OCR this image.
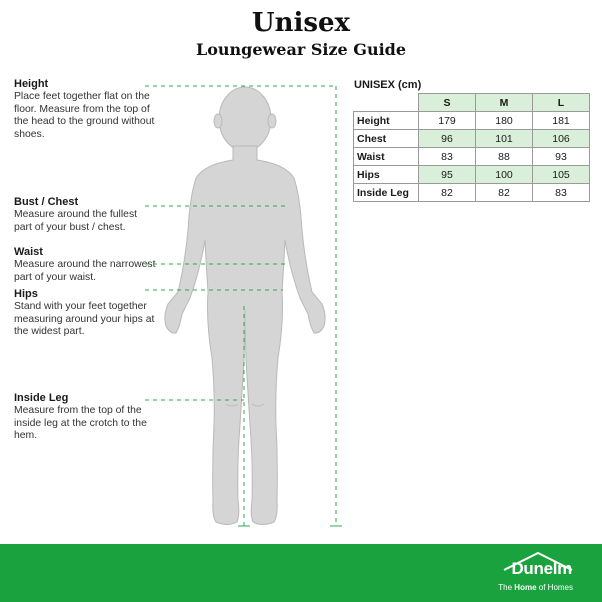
Unisex
Loungewear Size Guide
Height
Place feet together flat on the floor. Measure from the top of the head to the ground without shoes.
Bust / Chest
Measure around the fullest part of your bust / chest.
Waist
Measure around the narrowest part of your waist.
Hips
Stand with your feet together measuring around your hips at the widest part.
Inside Leg
Measure from the top of the inside leg at the crotch to the hem.
UNISEX (cm)
	S	M	L
Height	179	180	181
Chest	96	101	106
Waist	83	88	93
Hips	95	100	105
Inside Leg	82	82	83
Dunelm
The Home of Homes
